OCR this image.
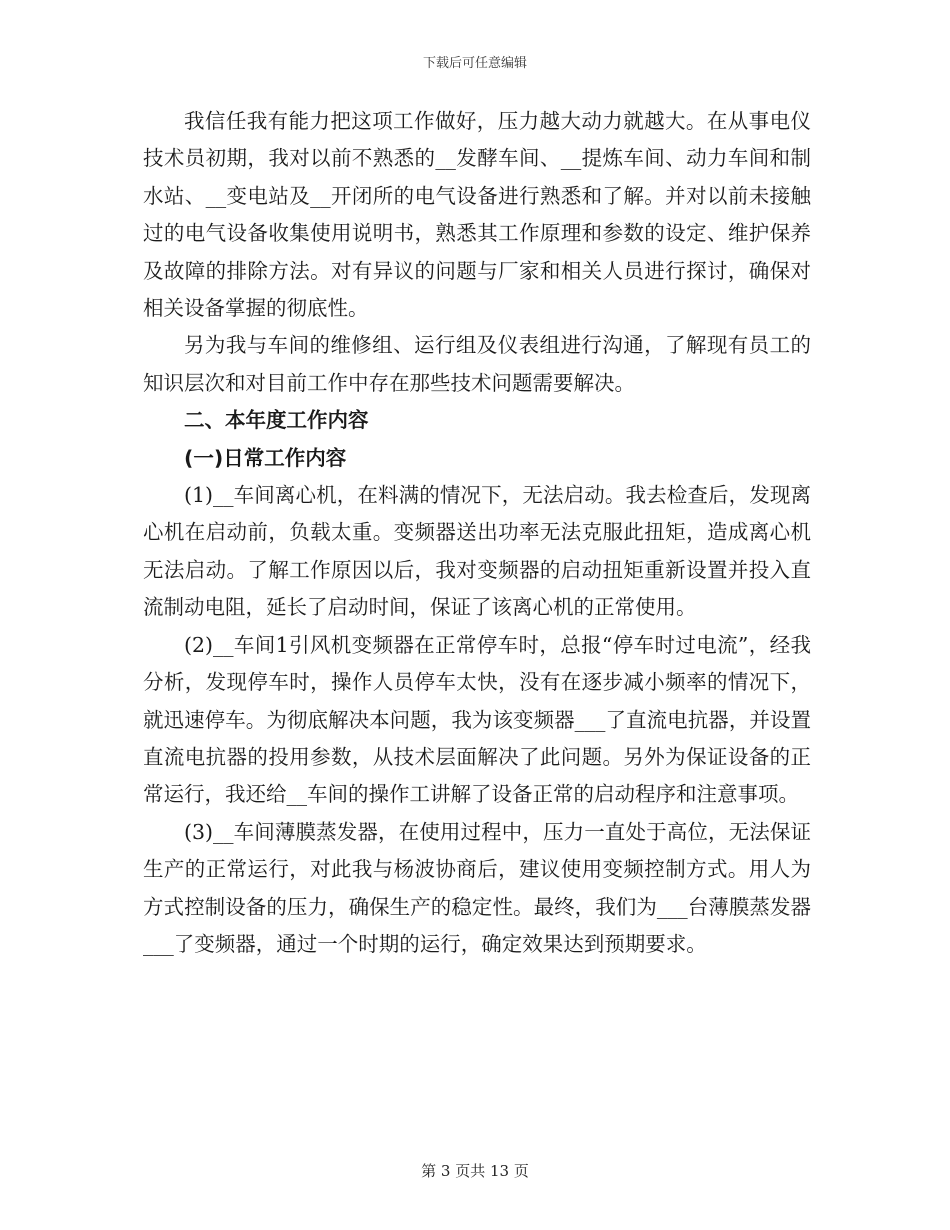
下载后可任意编辑

我信任我有能力把这项工作做好，压力越大动力就越大。在从事电仪技术员初期，我对以前不熟悉的__发酵车间、__提炼车间、动力车间和制水站、__变电站及__开闭所的电气设备进行熟悉和了解。并对以前未接触过的电气设备收集使用说明书，熟悉其工作原理和参数的设定、维护保养及故障的排除方法。对有异议的问题与厂家和相关人员进行探讨，确保对相关设备掌握的彻底性。

另为我与车间的维修组、运行组及仪表组进行沟通，了解现有员工的知识层次和对目前工作中存在那些技术问题需要解决。

二、本年度工作内容
(一)日常工作内容

(1)__车间离心机，在料满的情况下，无法启动。我去检查后，发现离心机在启动前，负载太重。变频器送出功率无法克服此扭矩，造成离心机无法启动。了解工作原因以后，我对变频器的启动扭矩重新设置并投入直流制动电阻，延长了启动时间，保证了该离心机的正常使用。

(2)__车间1引风机变频器在正常停车时，总报“停车时过电流”，经我分析，发现停车时，操作人员停车太快，没有在逐步减小频率的情况下，就迅速停车。为彻底解决本问题，我为该变频器___了直流电抗器，并设置直流电抗器的投用参数，从技术层面解决了此问题。另外为保证设备的正常运行，我还给__车间的操作工讲解了设备正常的启动程序和注意事项。

(3)__车间薄膜蒸发器，在使用过程中，压力一直处于高位，无法保证生产的正常运行，对此我与杨波协商后，建议使用变频控制方式。用人为方式控制设备的压力，确保生产的稳定性。最终，我们为___台薄膜蒸发器___了变频器，通过一个时期的运行，确定效果达到预期要求。

第 3 页共 13 页
